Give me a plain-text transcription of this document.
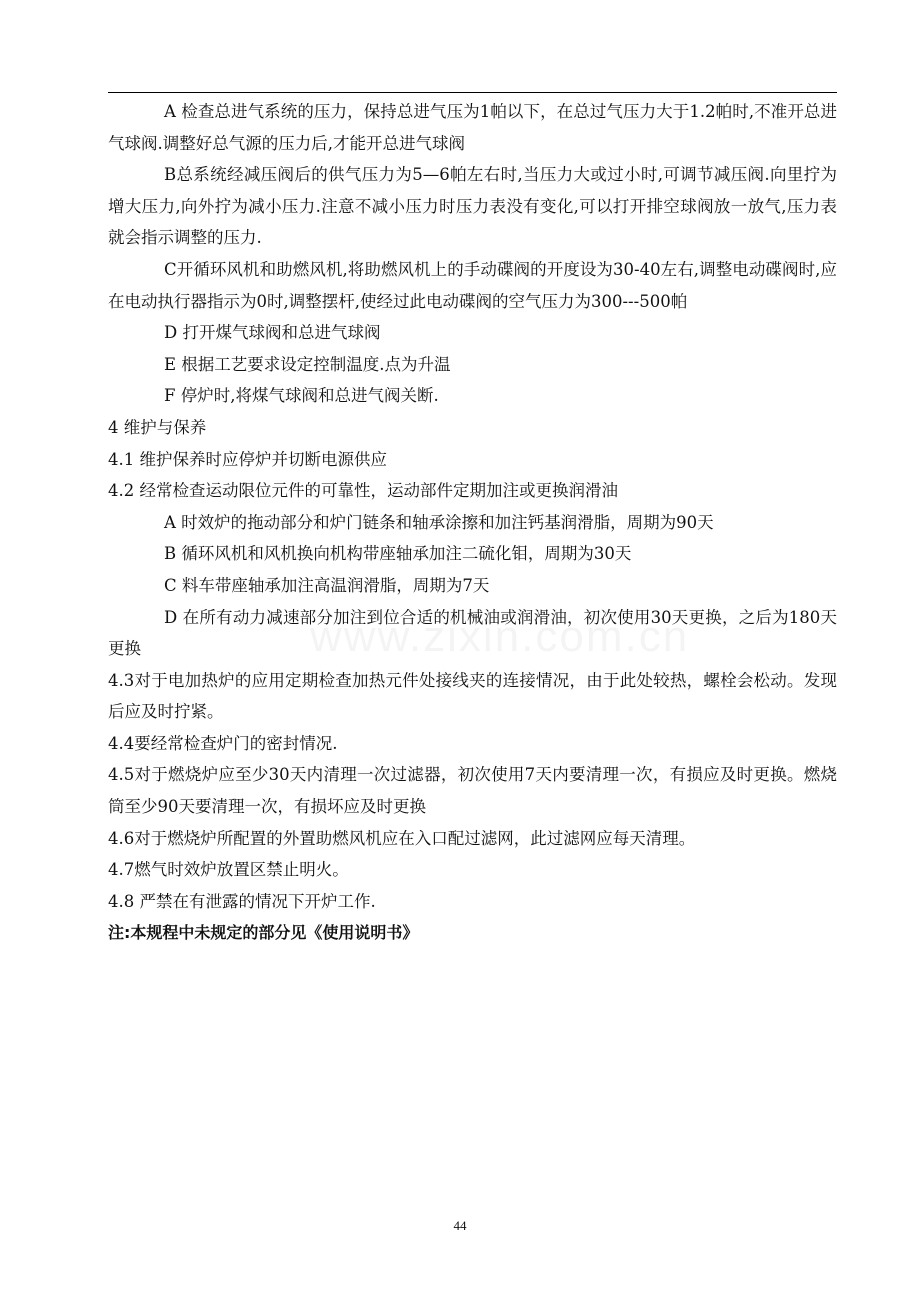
A 检查总进气系统的压力，保持总进气压为1帕以下，在总过气压力大于1.2帕时,不准开总进气球阀.调整好总气源的压力后,才能开总进气球阀

B总系统经减压阀后的供气压力为5—6帕左右时,当压力大或过小时,可调节减压阀.向里拧为增大压力,向外拧为减小压力.注意不减小压力时压力表没有变化,可以打开排空球阀放一放气,压力表就会指示调整的压力.

C开循环风机和助燃风机,将助燃风机上的手动碟阀的开度设为30-40左右,调整电动碟阀时,应在电动执行器指示为0时,调整摆杆,使经过此电动碟阀的空气压力为300---500帕

D 打开煤气球阀和总进气球阀

E 根据工艺要求设定控制温度.点为升温

F 停炉时,将煤气球阀和总进气阀关断.

4 维护与保养

4.1 维护保养时应停炉并切断电源供应

4.2 经常检查运动限位元件的可靠性，运动部件定期加注或更换润滑油

A 时效炉的拖动部分和炉门链条和轴承涂擦和加注钙基润滑脂，周期为90天

B 循环风机和风机换向机构带座轴承加注二硫化钼，周期为30天

C 料车带座轴承加注高温润滑脂，周期为7天

D 在所有动力减速部分加注到位合适的机械油或润滑油，初次使用30天更换，之后为180天更换

4.3对于电加热炉的应用定期检查加热元件处接线夹的连接情况，由于此处较热，螺栓会松动。发现后应及时拧紧。

4.4要经常检查炉门的密封情况.

4.5对于燃烧炉应至少30天内清理一次过滤器，初次使用7天内要清理一次，有损应及时更换。燃烧筒至少90天要清理一次，有损坏应及时更换

4.6对于燃烧炉所配置的外置助燃风机应在入口配过滤网，此过滤网应每天清理。

4.7燃气时效炉放置区禁止明火。

4.8 严禁在有泄露的情况下开炉工作.

注:本规程中未规定的部分见《使用说明书》

44
